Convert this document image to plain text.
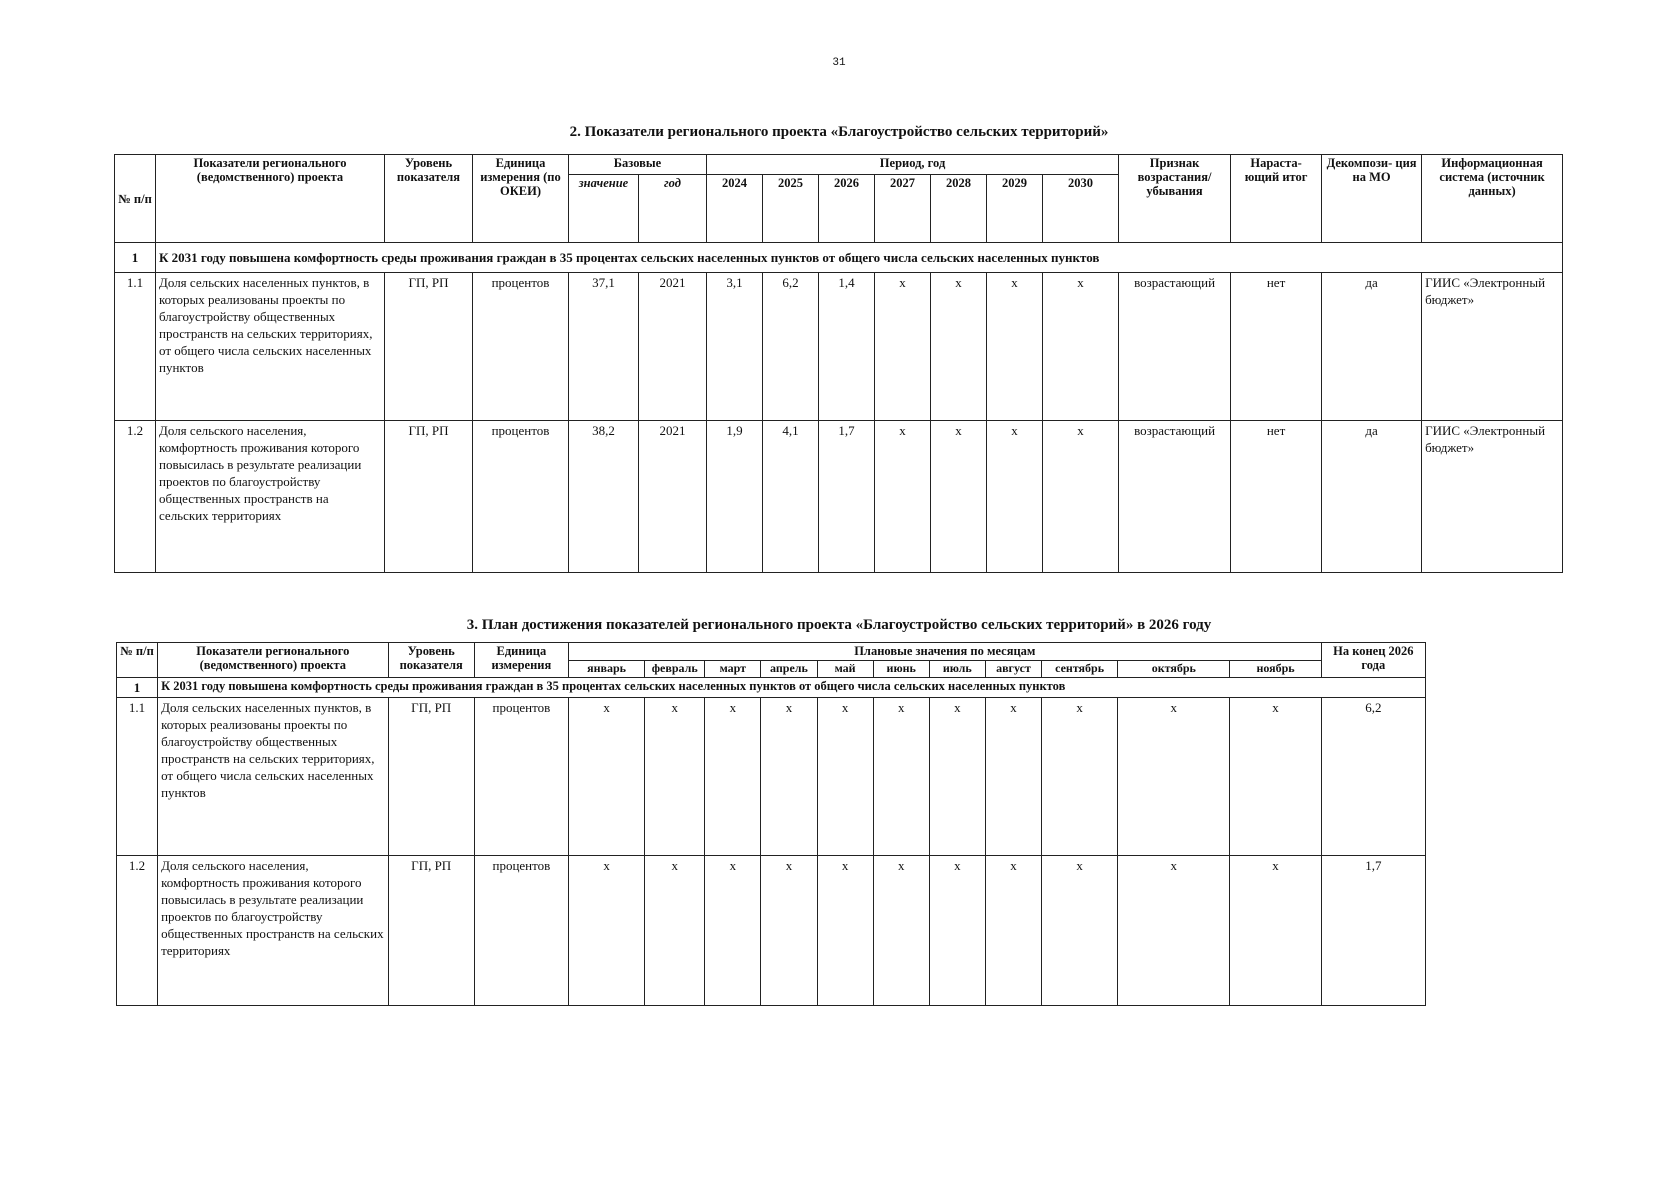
31
2. Показатели регионального проекта «Благоустройство сельских территорий»
№ п/п	Показатели регионального (ведомственного) проекта	Уровень показателя	Единица измерения (по ОКЕИ)	Базовые		Период, год							Признак возрастания/ убывания	Нараста- ющий итог	Декомпози- ция на МО	Информационная система (источник данных)
				значение	год	2024	2025	2026	2027	2028	2029	2030				
1	К 2031 году повышена комфортность среды проживания граждан в 35 процентах сельских населенных пунктов от общего числа сельских населенных пунктов															
1.1	Доля сельских населенных пунктов, в которых реализованы проекты по благоустройству общественных пространств на сельских территориях, от общего числа сельских населенных пунктов	ГП, РП	процентов	37,1	2021	3,1	6,2	1,4	х	х	х	х	возрастающий	нет	да	ГИИС «Электронный бюджет»
1.2	Доля сельского населения, комфортность проживания которого повысилась в результате реализации проектов по благоустройству общественных пространств на сельских территориях	ГП, РП	процентов	38,2	2021	1,9	4,1	1,7	х	х	х	х	возрастающий	нет	да	ГИИС «Электронный бюджет»
3. План достижения показателей регионального проекта «Благоустройство сельских территорий» в 2026 году
№ п/п	Показатели регионального (ведомственного) проекта	Уровень показателя	Единица измерения	Плановые значения по месяцам											На конец 2026 года
				январь	февраль	март	апрель	май	июнь	июль	август	сентябрь	октябрь	ноябрь	
1	К 2031 году повышена комфортность среды проживания граждан в 35 процентах сельских населенных пунктов от общего числа сельских населенных пунктов														
1.1	Доля сельских населенных пунктов, в которых реализованы проекты по благоустройству общественных пространств на сельских территориях, от общего числа сельских населенных пунктов	ГП, РП	процентов	х	х	х	х	х	х	х	х	х	х	х	6,2
1.2	Доля сельского населения, комфортность проживания которого повысилась в результате реализации проектов по благоустройству общественных пространств на сельских территориях	ГП, РП	процентов	х	х	х	х	х	х	х	х	х	х	х	1,7
